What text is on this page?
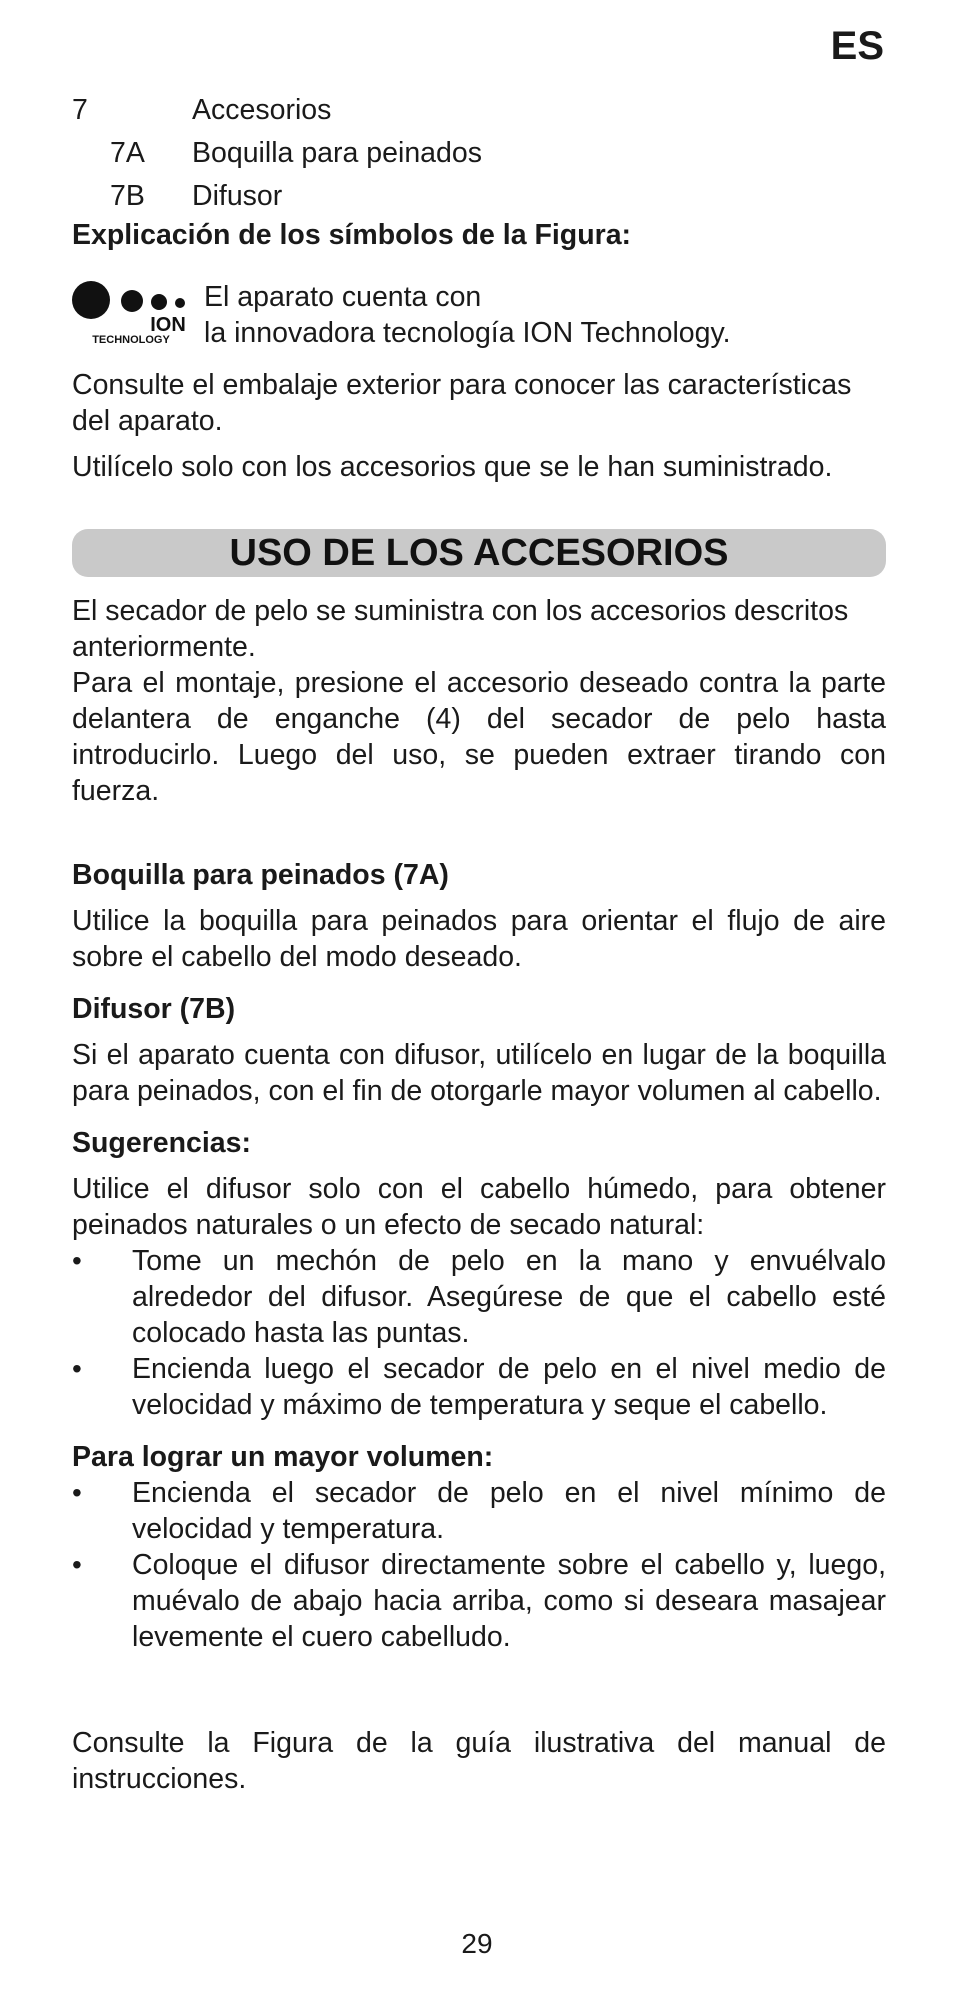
ES
7	Accesorios
7A	Boquilla para peinados
7B	Difusor

Explicación de los símbolos de la Figura:

ION
TECHNOLOGY
El aparato cuenta con
la innovadora tecnología ION Technology.

Consulte el embalaje exterior para conocer las características del aparato.

Utilícelo solo con los accesorios que se le han suministrado.

USO DE LOS ACCESORIOS

El secador de pelo se suministra con los accesorios descritos anteriormente.

Para el montaje, presione el accesorio deseado contra la parte delantera de enganche (4) del secador de pelo hasta introducirlo. Luego del uso, se pueden extraer tirando con fuerza.

Boquilla para peinados (7A)

Utilice la boquilla para peinados para orientar el flujo de aire sobre el cabello del modo deseado.

Difusor (7B)

Si el aparato cuenta con difusor, utilícelo en lugar de la boquilla para peinados, con el fin de otorgarle mayor volumen al cabello.

Sugerencias:

Utilice el difusor solo con el cabello húmedo, para obtener peinados naturales o un efecto de secado natural:

•	Tome un mechón de pelo en la mano y envuélvalo alrededor del difusor. Asegúrese de que el cabello esté colocado hasta las puntas.
•	Encienda luego el secador de pelo en el nivel medio de velocidad y máximo de temperatura y seque el cabello.

Para lograr un mayor volumen:

•	Encienda el secador de pelo en el nivel mínimo de velocidad y temperatura.
•	Coloque el difusor directamente sobre el cabello y, luego, muévalo de abajo hacia arriba, como si deseara masajear levemente el cuero cabelludo.

Consulte la Figura de la guía ilustrativa del manual de instrucciones.

29
